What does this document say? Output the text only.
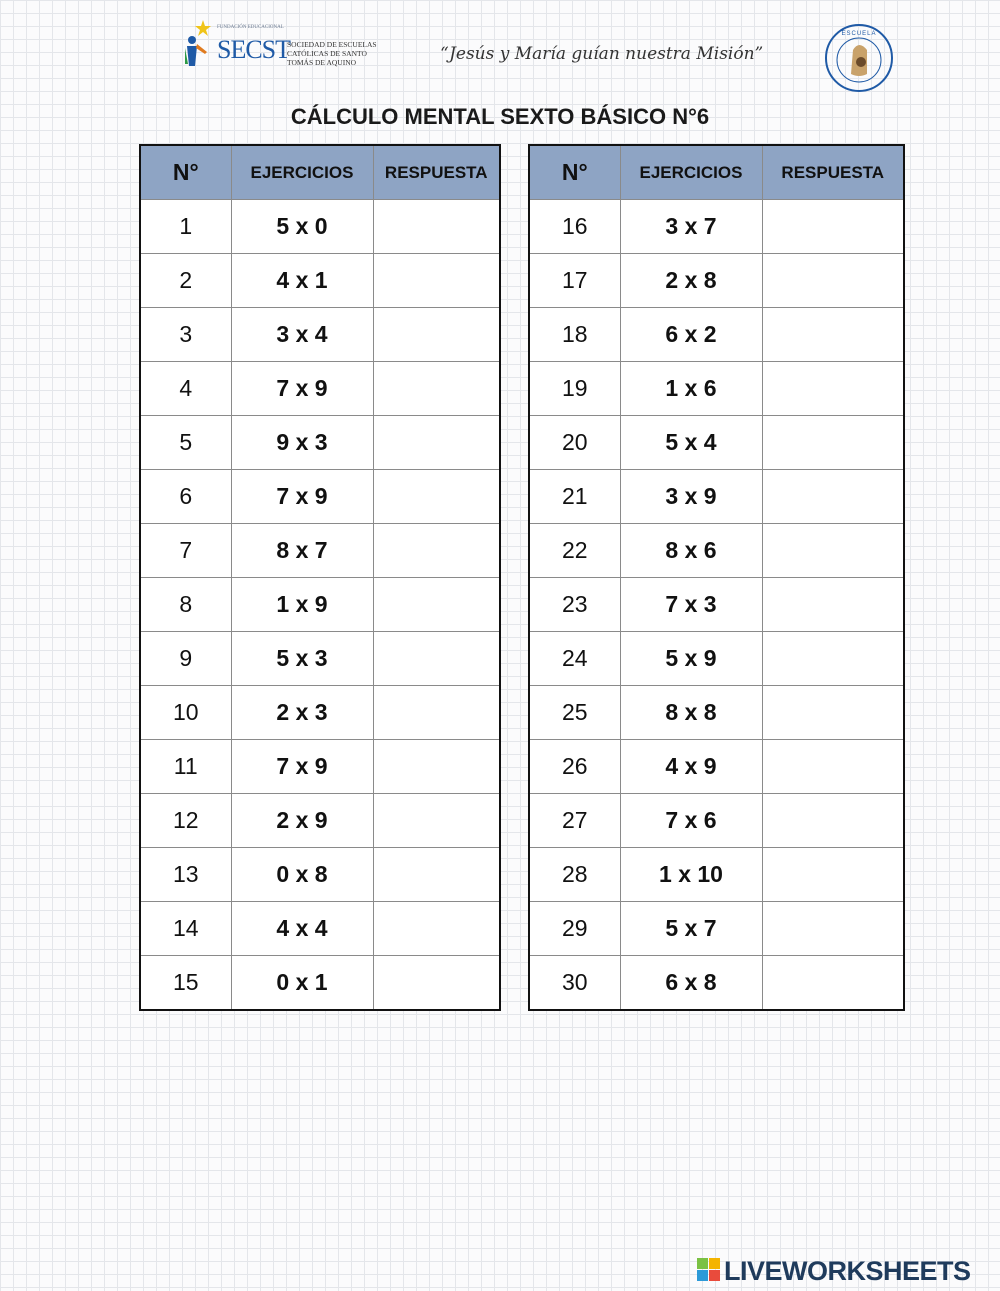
FUNDACIÓN EDUCACIONAL
SECST
SOCIEDAD DE ESCUELAS CATÓLICAS DE SANTO TOMÁS DE AQUINO	“Jesús y María guían nuestra Misión”
ESCUELA
CÁLCULO MENTAL SEXTO BÁSICO N°6
N°	EJERCICIOS	RESPUESTA
1	5 x 0	
2	4 x 1	
3	3 x 4	
4	7 x 9	
5	9 x 3	
6	7 x 9	
7	8 x 7	
8	1 x 9	
9	5 x 3	
10	2 x 3	
11	7 x 9	
12	2 x 9	
13	0 x 8	
14	4 x 4	
15	0 x 1	
N°	EJERCICIOS	RESPUESTA
16	3 x 7	
17	2 x 8	
18	6 x 2	
19	1 x 6	
20	5 x 4	
21	3 x 9	
22	8 x 6	
23	7 x 3	
24	5 x 9	
25	8 x 8	
26	4 x 9	
27	7 x 6	
28	1 x 10	
29	5 x 7	
30	6 x 8	
LIVEWORKSHEETS
